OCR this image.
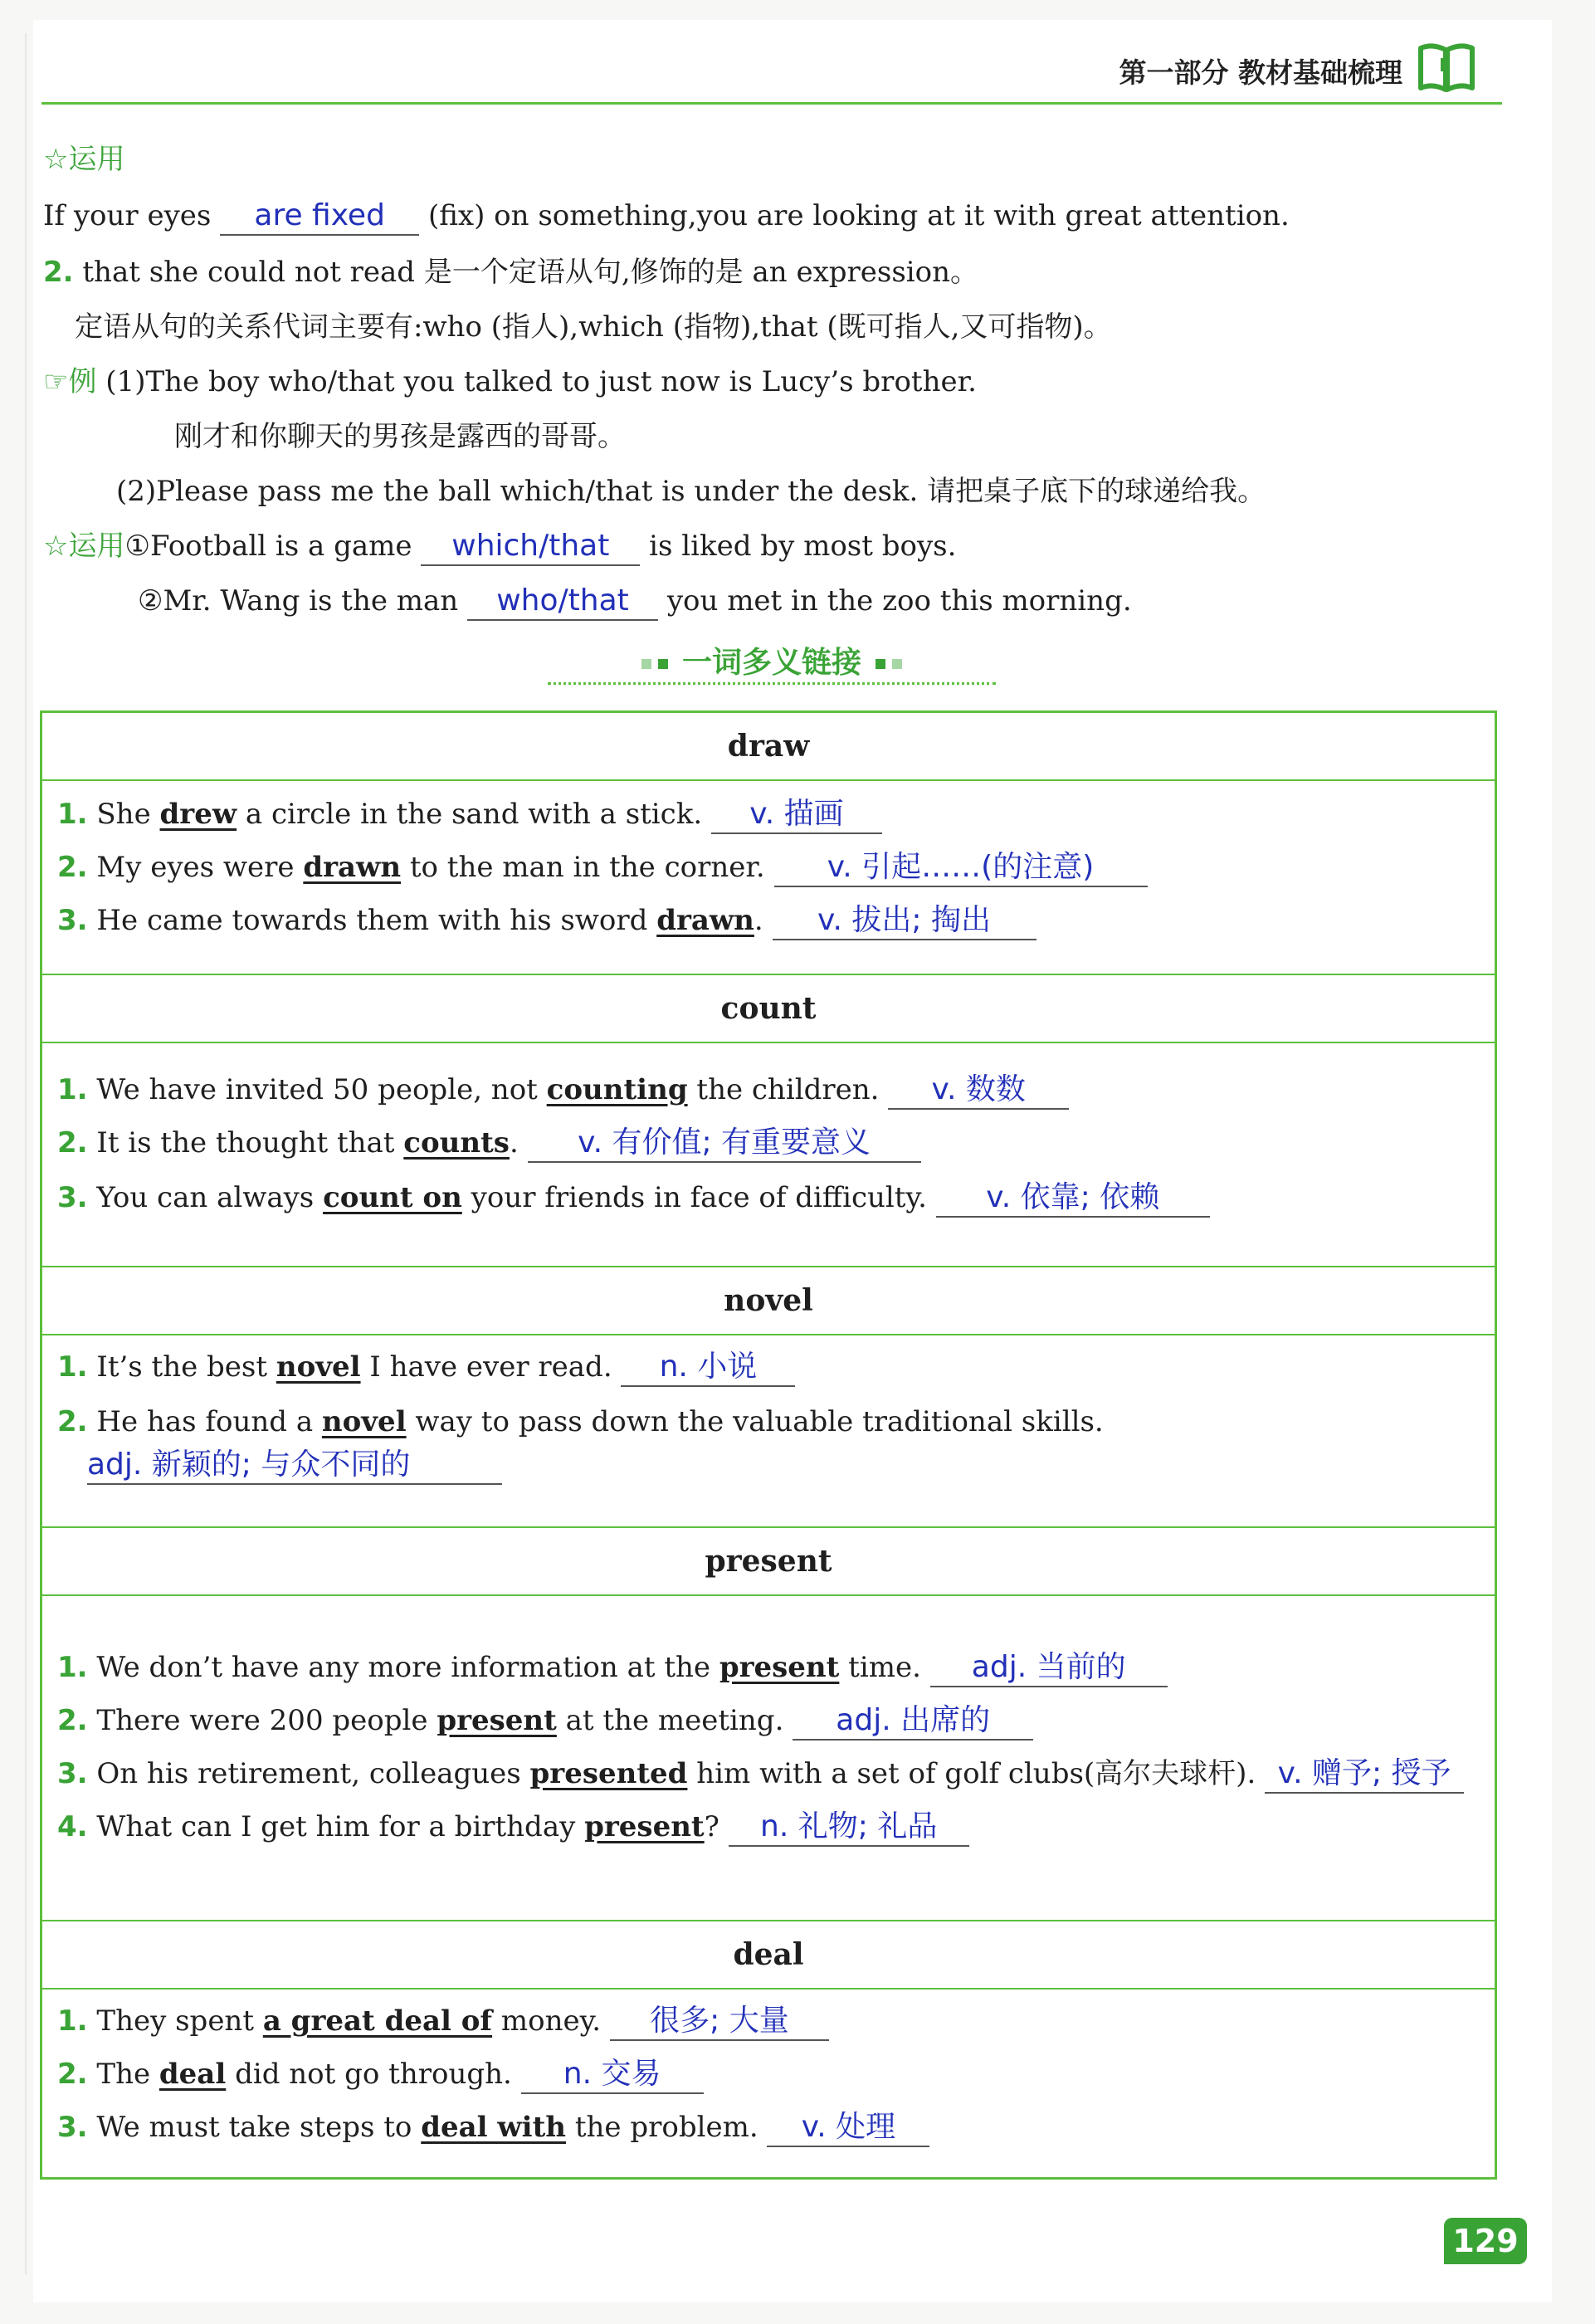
第一部分 教材基础梳理
☆运用
If your eyes are fixed (fix) on something,you are looking at it with great attention.
2. that she could not read 是一个定语从句,修饰的是 an expression。
定语从句的关系代词主要有:who (指人),which (指物),that (既可指人,又可指物)。
☞例 (1)The boy who/that you talked to just now is Lucy’s brother.
刚才和你聊天的男孩是露西的哥哥。
(2)Please pass me the ball which/that is under the desk. 请把桌子底下的球递给我。
☆运用①Football is a game which/that is liked by most boys.
②Mr. Wang is the man who/that you met in the zoo this morning.
一词多义链接
draw
1. She drew a circle in the sand with a stick. v. 描画
2. My eyes were drawn to the man in the corner. v. 引起……(的注意)
3. He came towards them with his sword drawn. v. 拔出; 掏出
count
1. We have invited 50 people, not counting the children. v. 数数
2. It is the thought that counts. v. 有价值; 有重要意义
3. You can always count on your friends in face of difficulty. v. 依靠; 依赖
novel
1. It’s the best novel I have ever read. n. 小说
2. He has found a novel way to pass down the valuable traditional skills.
adj. 新颖的; 与众不同的
present
1. We don’t have any more information at the present time. adj. 当前的
2. There were 200 people present at the meeting. adj. 出席的
3. On his retirement, colleagues presented him with a set of golf clubs(高尔夫球杆). v. 赠予; 授予
4. What can I get him for a birthday present? n. 礼物; 礼品
deal
1. They spent a great deal of money. 很多; 大量
2. The deal did not go through. n. 交易
3. We must take steps to deal with the problem. v. 处理
129
